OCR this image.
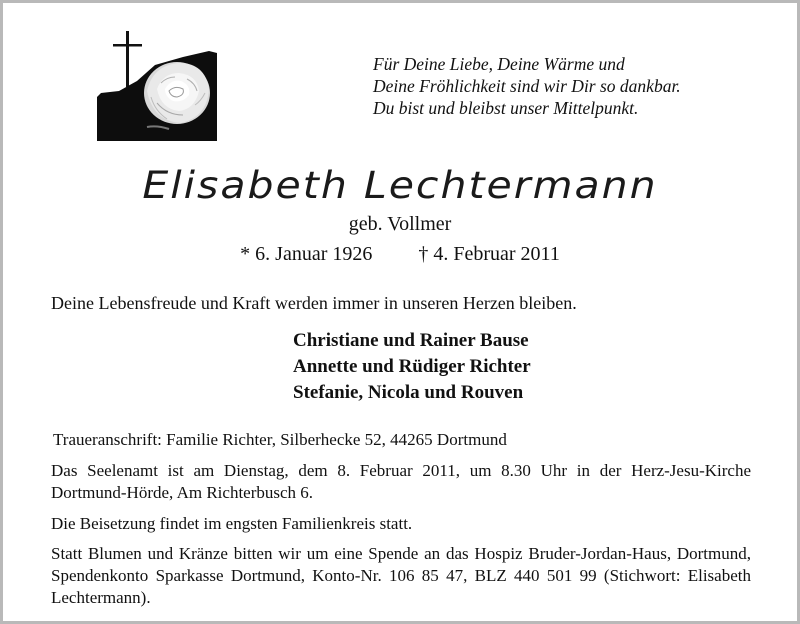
Für Deine Liebe, Deine Wärme und
Deine Fröhlichkeit sind wir Dir so dankbar.
Du bist und bleibst unser Mittelpunkt.
Elisabeth Lechtermann
geb. Vollmer
* 6. Januar 1926 † 4. Februar 2011
Deine Lebensfreude und Kraft werden immer in unseren Herzen bleiben.
Christiane und Rainer Bause
Annette und Rüdiger Richter
Stefanie, Nicola und Rouven
Traueranschrift: Familie Richter, Silberhecke 52, 44265 Dortmund
Das Seelenamt ist am Dienstag, dem 8. Februar 2011, um 8.30 Uhr in der Herz-Jesu-Kirche Dortmund-Hörde, Am Richterbusch 6.
Die Beisetzung findet im engsten Familienkreis statt.
Statt Blumen und Kränze bitten wir um eine Spende an das Hospiz Bruder-Jordan-Haus, Dortmund, Spendenkonto Sparkasse Dortmund, Konto-Nr. 106 85 47, BLZ 440 501 99 (Stichwort: Elisabeth Lechtermann).
